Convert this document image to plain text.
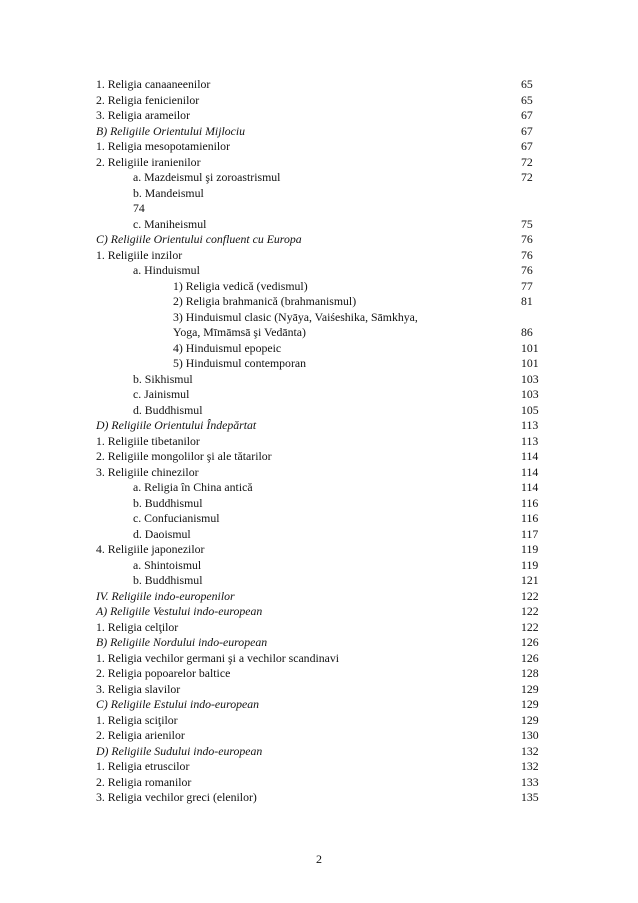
1. Religia canaaneenilor	65
2. Religia fenicienilor	65
3. Religia arameilor	67
B) Religiile Orientului Mijlociu	67
1. Religia mesopotamienilor	67
2. Religiile iranienilor	72
a. Mazdeismul şi zoroastrismul	72
b. Mandeismul
74
c. Maniheismul	75
C) Religiile Orientului confluent cu Europa	76
1. Religiile inzilor	76
a. Hinduismul	76
1) Religia vedică (vedismul)	77
2) Religia brahmanică (brahmanismul)	81
3) Hinduismul clasic (Nyāya, Vaiśeshika, Sāmkhya,
Yoga, Mīmāmsā şi Vedānta)	86
4) Hinduismul epopeic	101
5) Hinduismul contemporan	101
b. Sikhismul	103
c. Jainismul	103
d. Buddhismul	105
D) Religiile Orientului Îndepărtat	113
1. Religiile tibetanilor	113
2. Religiile mongolilor şi ale tătarilor	114
3. Religiile chinezilor	114
a. Religia în China antică	114
b. Buddhismul	116
c. Confucianismul	116
d. Daoismul	117
4. Religiile japonezilor	119
a. Shintoismul	119
b. Buddhismul	121
IV. Religiile indo-europenilor	122
A) Religiile Vestului indo-european	122
1. Religia celţilor	122
B) Religiile Nordului indo-european	126
1. Religia vechilor germani şi a vechilor scandinavi	126
2. Religia popoarelor baltice	128
3. Religia slavilor	129
C) Religiile Estului indo-european	129
1. Religia sciţilor	129
2. Religia arienilor	130
D) Religiile Sudului indo-european	132
1. Religia etruscilor	132
2. Religia romanilor	133
3. Religia vechilor greci (elenilor)	135
2
